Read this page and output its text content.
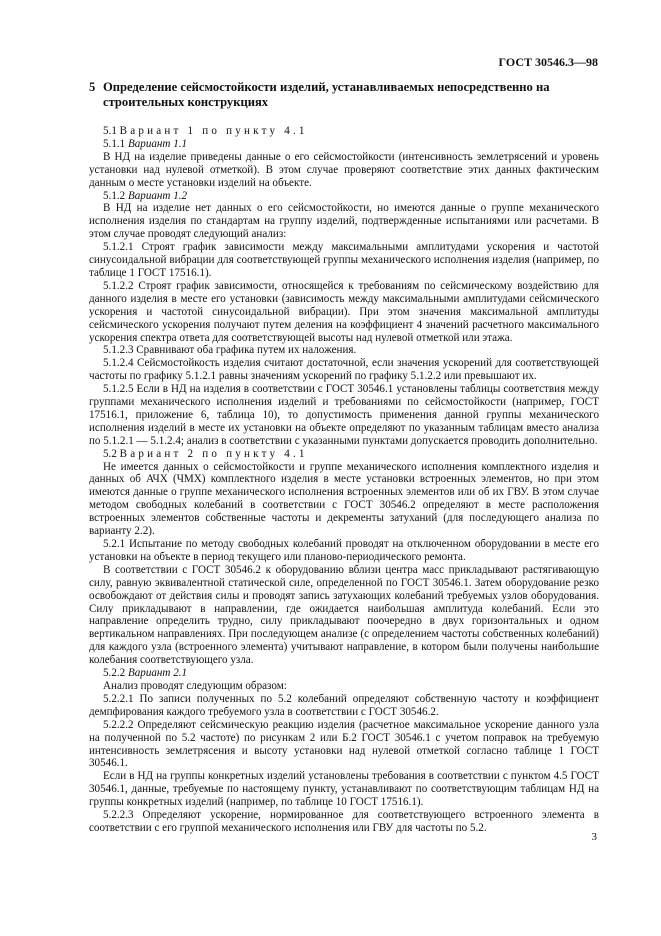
ГОСТ 30546.3—98
5 Определение сейсмостойкости изделий, устанавливаемых непосредственно на строительных конструкциях

5.1 Вариант 1 по пункту 4.1

5.1.1 Вариант 1.1

В НД на изделие приведены данные о его сейсмостойкости (интенсивность землетрясений и уровень установки над нулевой отметкой). В этом случае проверяют соответствие этих данных фактическим данным о месте установки изделий на объекте.

5.1.2 Вариант 1.2

В НД на изделие нет данных о его сейсмостойкости, но имеются данные о группе механического исполнения изделия по стандартам на группу изделий, подтвержденные испытаниями или расчетами. В этом случае проводят следующий анализ:

5.1.2.1 Строят график зависимости между максимальными амплитудами ускорения и частотой синусоидальной вибрации для соответствующей группы механического исполнения изделия (например, по таблице 1 ГОСТ 17516.1).

5.1.2.2 Строят график зависимости, относящейся к требованиям по сейсмическому воздействию для данного изделия в месте его установки (зависимость между максимальными амплитудами сейсмического ускорения и частотой синусоидальной вибрации). При этом значения максимальной амплитуды сейсмического ускорения получают путем деления на коэффициент 4 значений расчетного максимального ускорения спектра ответа для соответствующей высоты над нулевой отметкой или этажа.

5.1.2.3 Сравнивают оба графика путем их наложения.

5.1.2.4 Сейсмостойкость изделия считают достаточной, если значения ускорений для соответствующей частоты по графику 5.1.2.1 равны значениям ускорений по графику 5.1.2.2 или превышают их.

5.1.2.5 Если в НД на изделия в соответствии с ГОСТ 30546.1 установлены таблицы соответствия между группами механического исполнения изделий и требованиями по сейсмостойкости (например, ГОСТ 17516.1, приложение 6, таблица 10), то допустимость применения данной группы механического исполнения изделий в месте их установки на объекте определяют по указанным таблицам вместо анализа по 5.1.2.1 — 5.1.2.4; анализ в соответствии с указанными пунктами допускается проводить дополнительно.

5.2 Вариант 2 по пункту 4.1

Не имеется данных о сейсмостойкости и группе механического исполнения комплектного изделия и данных об АЧХ (ЧМХ) комплектного изделия в месте установки встроенных элементов, но при этом имеются данные о группе механического исполнения встроенных элементов или об их ГВУ. В этом случае методом свободных колебаний в соответствии с ГОСТ 30546.2 определяют в месте расположения встроенных элементов собственные частоты и декременты затуханий (для последующего анализа по варианту 2.2).

5.2.1 Испытание по методу свободных колебаний проводят на отключенном оборудовании в месте его установки на объекте в период текущего или планово-периодического ремонта.

В соответствии с ГОСТ 30546.2 к оборудованию вблизи центра масс прикладывают растягивающую силу, равную эквивалентной статической силе, определенной по ГОСТ 30546.1. Затем оборудование резко освобождают от действия силы и проводят запись затухающих колебаний требуемых узлов оборудования. Силу прикладывают в направлении, где ожидается наибольшая амплитуда колебаний. Если это направление определить трудно, силу прикладывают поочередно в двух горизонтальных и одном вертикальном направлениях. При последующем анализе (с определением частоты собственных колебаний) для каждого узла (встроенного элемента) учитывают направление, в котором были получены наибольшие колебания соответствующего узла.

5.2.2 Вариант 2.1

Анализ проводят следующим образом:

5.2.2.1 По записи полученных по 5.2 колебаний определяют собственную частоту и коэффициент демпфирования каждого требуемого узла в соответствии с ГОСТ 30546.2.

5.2.2.2 Определяют сейсмическую реакцию изделия (расчетное максимальное ускорение данного узла на полученной по 5.2 частоте) по рисункам 2 или Б.2 ГОСТ 30546.1 с учетом поправок на требуемую интенсивность землетрясения и высоту установки над нулевой отметкой согласно таблице 1 ГОСТ 30546.1.

Если в НД на группы конкретных изделий установлены требования в соответствии с пунктом 4.5 ГОСТ 30546.1, данные, требуемые по настоящему пункту, устанавливают по соответствующим таблицам НД на группы конкретных изделий (например, по таблице 10 ГОСТ 17516.1).

5.2.2.3 Определяют ускорение, нормированное для соответствующего встроенного элемента в соответствии с его группой механического исполнения или ГВУ для частоты по 5.2.

3
